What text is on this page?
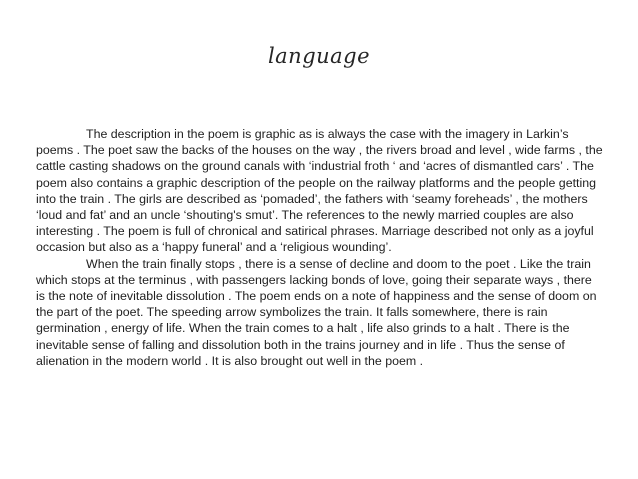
language

The description in the poem is graphic as is always the case with the imagery in Larkin’s poems . The poet saw the backs of the houses on the way , the rivers broad and level , wide farms , the cattle casting shadows on the ground canals with ‘industrial froth ‘ and ‘acres of dismantled cars’ . The poem also contains a graphic description of the people on the railway platforms and the people getting into the train . The girls are described as ‘pomaded’, the fathers with ‘seamy foreheads’ , the mothers ‘loud and fat’ and an uncle ‘shouting's smut’. The references to the newly married couples are also interesting . The poem is full of chronical and satirical phrases. Marriage described not only as a joyful occasion but also as a ‘happy funeral’ and a ‘religious wounding’.

When the train finally stops , there is a sense of decline and doom to the poet . Like the train which stops at the terminus , with passengers lacking bonds of love, going their separate ways , there is the note of inevitable dissolution . The poem ends on a note of happiness and the sense of doom on the part of the poet. The speeding arrow symbolizes the train. It falls somewhere, there is rain germination , energy of life. When the train comes to a halt , life also grinds to a halt . There is the inevitable sense of falling and dissolution both in the trains journey and in life . Thus the sense of alienation in the modern world . It is also brought out well in the poem .
